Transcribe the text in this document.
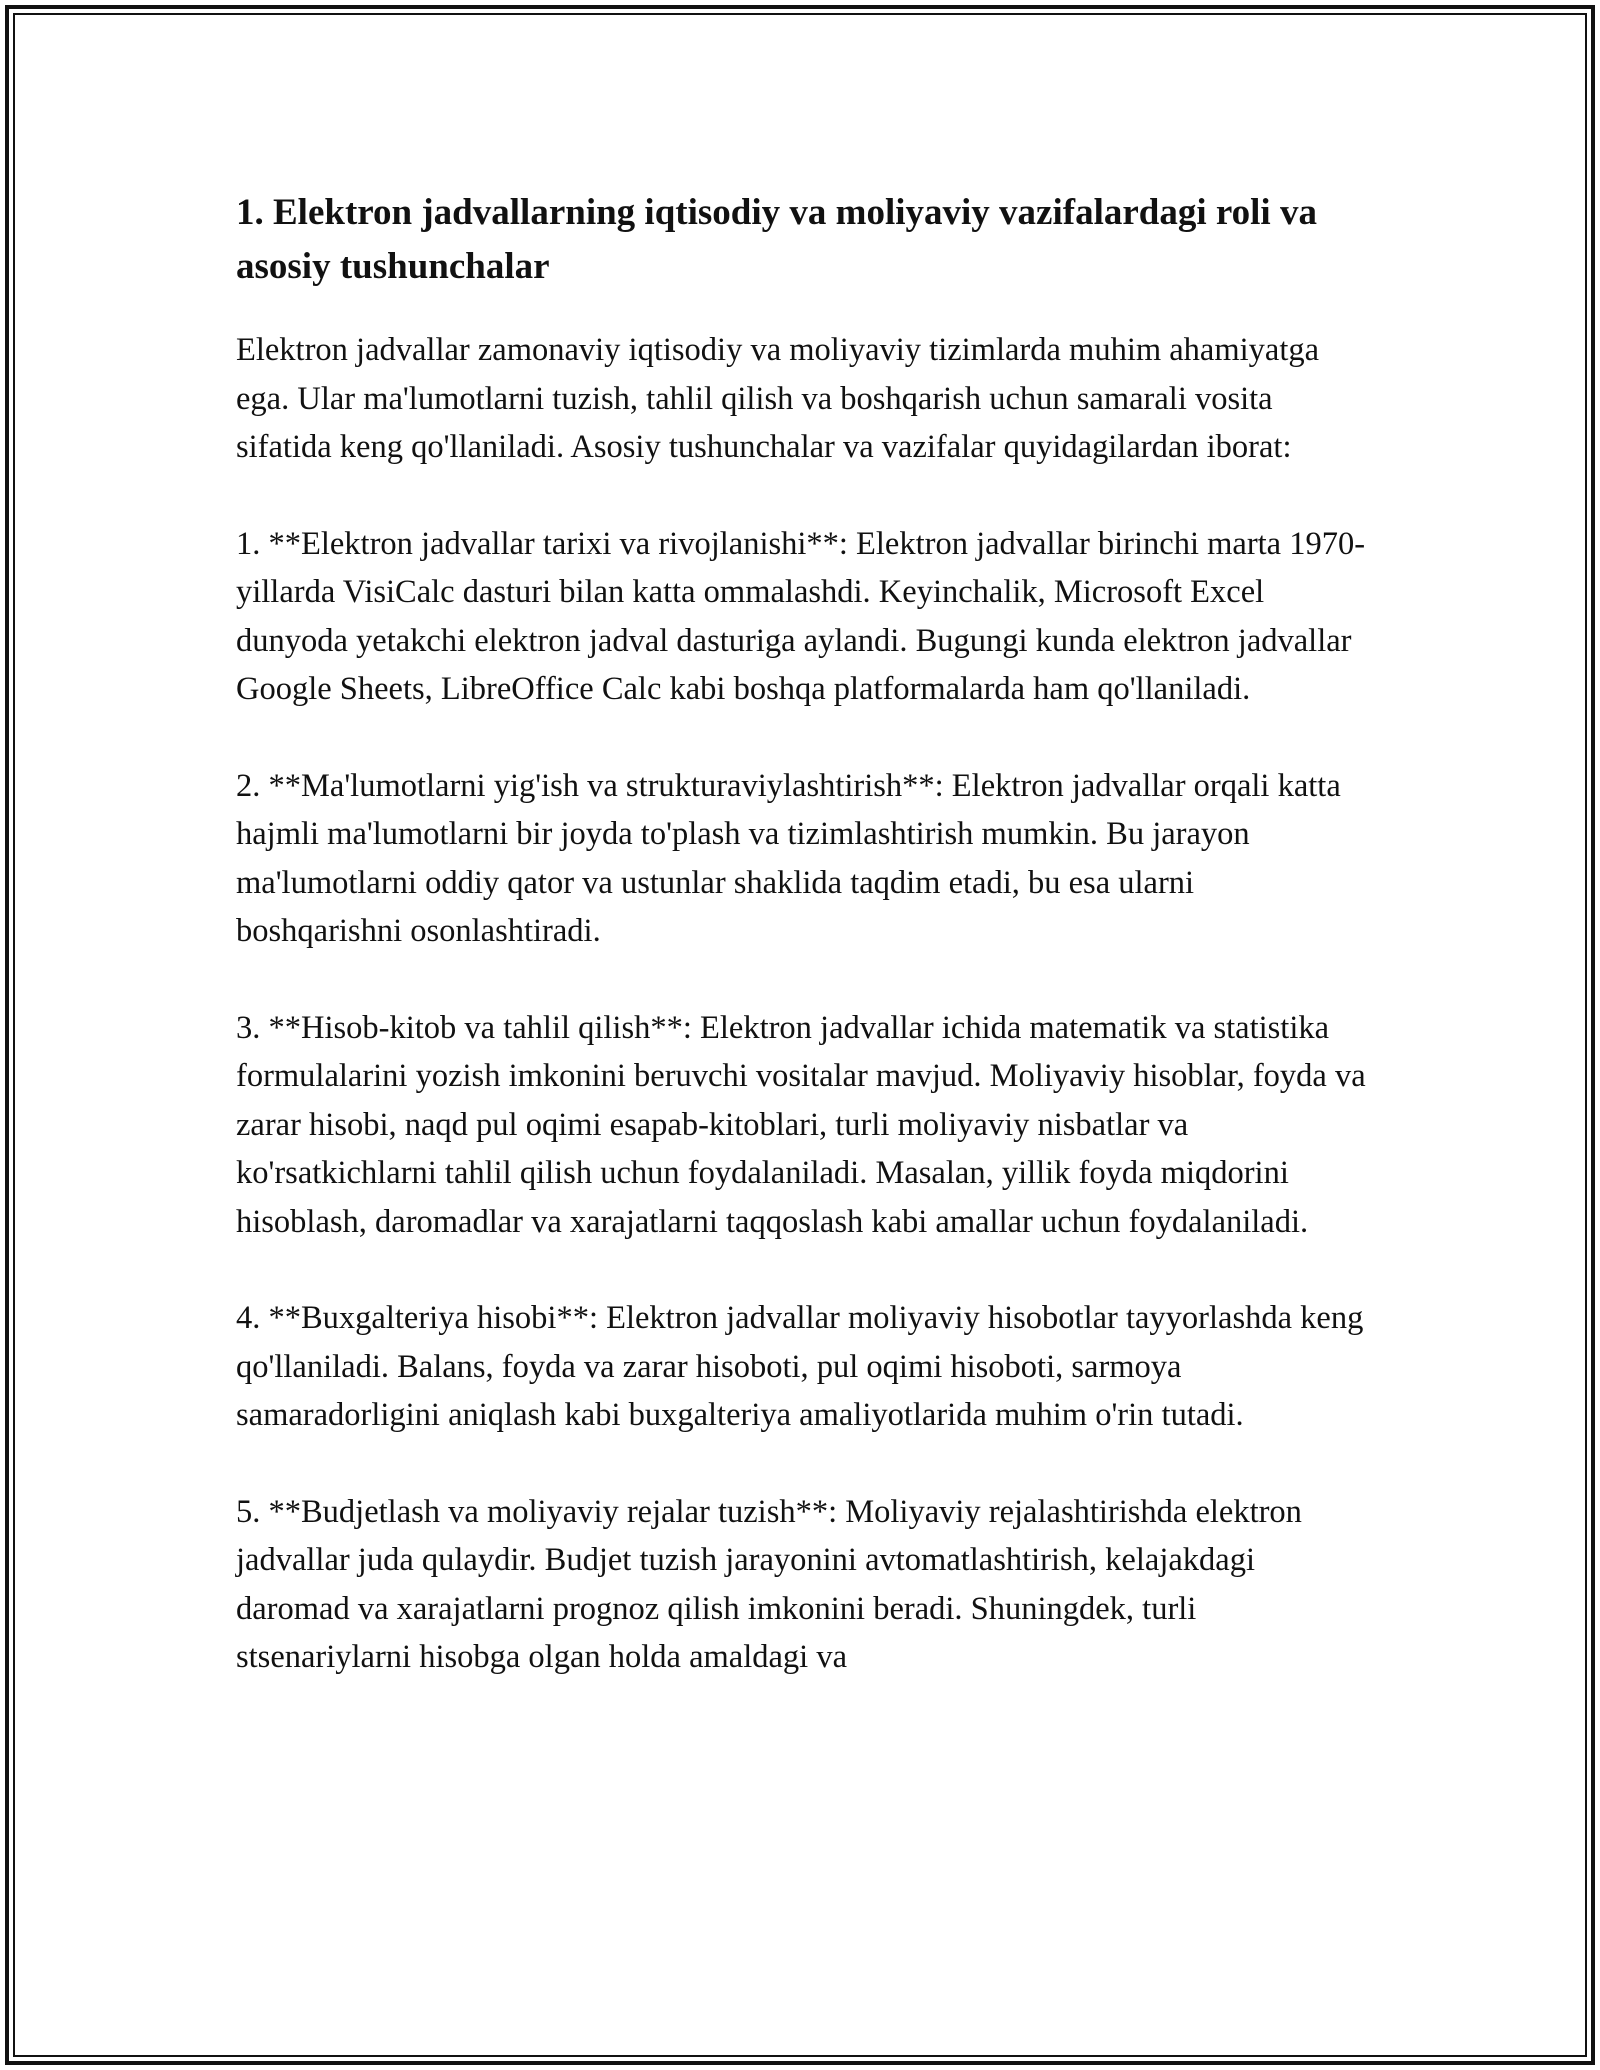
1. Elektron jadvallarning iqtisodiy va moliyaviy vazifalardagi roli va asosiy tushunchalar

Elektron jadvallar zamonaviy iqtisodiy va moliyaviy tizimlarda muhim ahamiyatga ega. Ular ma'lumotlarni tuzish, tahlil qilish va boshqarish uchun samarali vosita sifatida keng qo'llaniladi. Asosiy tushunchalar va vazifalar quyidagilardan iborat:

1. **Elektron jadvallar tarixi va rivojlanishi**: Elektron jadvallar birinchi marta 1970-yillarda VisiCalc dasturi bilan katta ommalashdi. Keyinchalik, Microsoft Excel dunyoda yetakchi elektron jadval dasturiga aylandi. Bugungi kunda elektron jadvallar Google Sheets, LibreOffice Calc kabi boshqa platformalarda ham qo'llaniladi.

2. **Ma'lumotlarni yig'ish va strukturaviylashtirish**: Elektron jadvallar orqali katta hajmli ma'lumotlarni bir joyda to'plash va tizimlashtirish mumkin. Bu jarayon ma'lumotlarni oddiy qator va ustunlar shaklida taqdim etadi, bu esa ularni boshqarishni osonlashtiradi.

3. **Hisob-kitob va tahlil qilish**: Elektron jadvallar ichida matematik va statistika formulalarini yozish imkonini beruvchi vositalar mavjud. Moliyaviy hisoblar, foyda va zarar hisobi, naqd pul oqimi esapab-kitoblari, turli moliyaviy nisbatlar va ko'rsatkichlarni tahlil qilish uchun foydalaniladi. Masalan, yillik foyda miqdorini hisoblash, daromadlar va xarajatlarni taqqoslash kabi amallar uchun foydalaniladi.

4. **Buxgalteriya hisobi**: Elektron jadvallar moliyaviy hisobotlar tayyorlashda keng qo'llaniladi. Balans, foyda va zarar hisoboti, pul oqimi hisoboti, sarmoya samaradorligini aniqlash kabi buxgalteriya amaliyotlarida muhim o'rin tutadi.

5. **Budjetlash va moliyaviy rejalar tuzish**: Moliyaviy rejalashtirishda elektron jadvallar juda qulaydir. Budjet tuzish jarayonini avtomatlashtirish, kelajakdagi daromad va xarajatlarni prognoz qilish imkonini beradi. Shuningdek, turli stsenariylarni hisobga olgan holda amaldagi va
